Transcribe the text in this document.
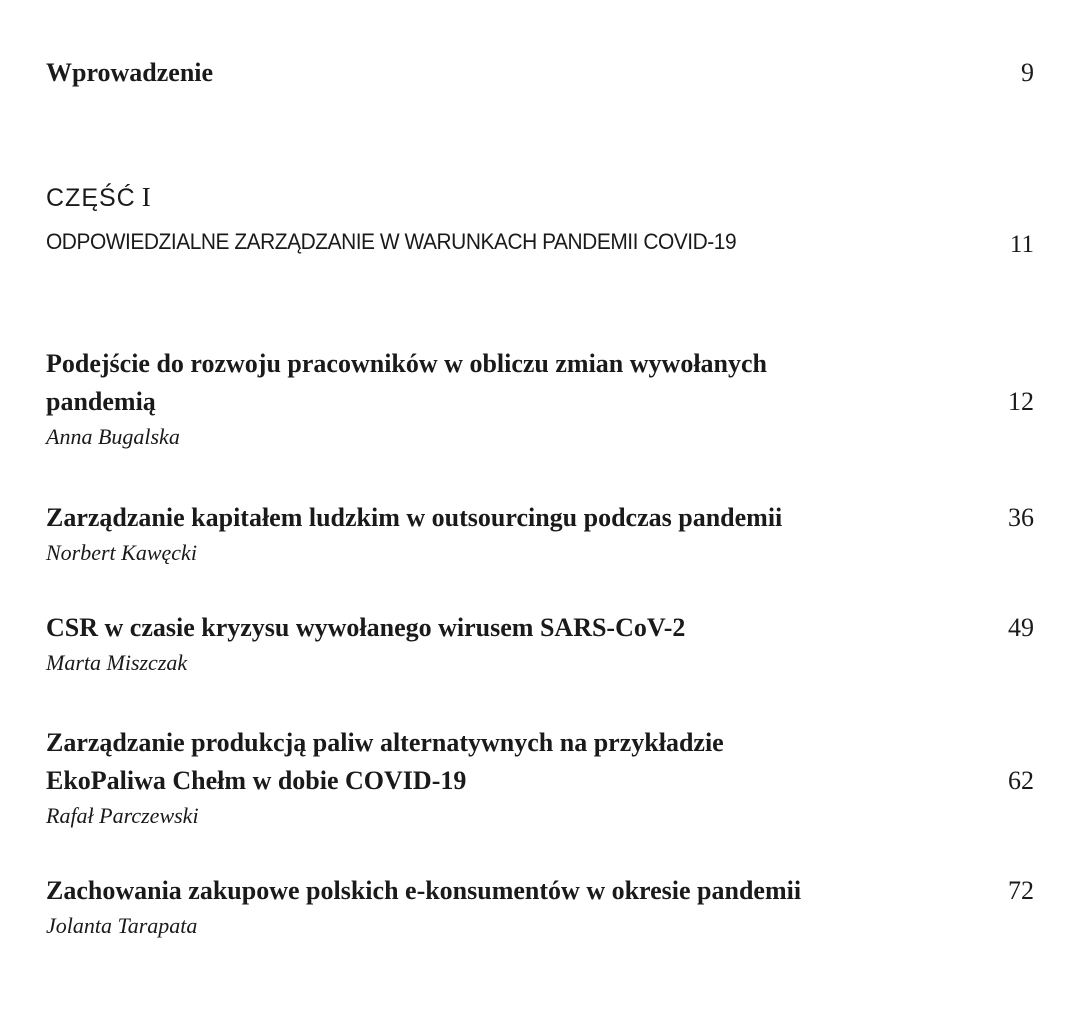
Wprowadzenie	9
CZĘŚĆ I
ODPOWIEDZIALNE ZARZĄDZANIE W WARUNKACH PANDEMII COVID-19	11
Podejście do rozwoju pracowników w obliczu zmian wywołanych
pandemią
Anna Bugalska
12
Zarządzanie kapitałem ludzkim w outsourcingu podczas pandemii
Norbert Kawęcki
36
CSR w czasie kryzysu wywołanego wirusem SARS-CoV-2
Marta Miszczak
49
Zarządzanie produkcją paliw alternatywnych na przykładzie
EkoPaliwa Chełm w dobie COVID-19
Rafał Parczewski
62
Zachowania zakupowe polskich e-konsumentów w okresie pandemii
Jolanta Tarapata
72
